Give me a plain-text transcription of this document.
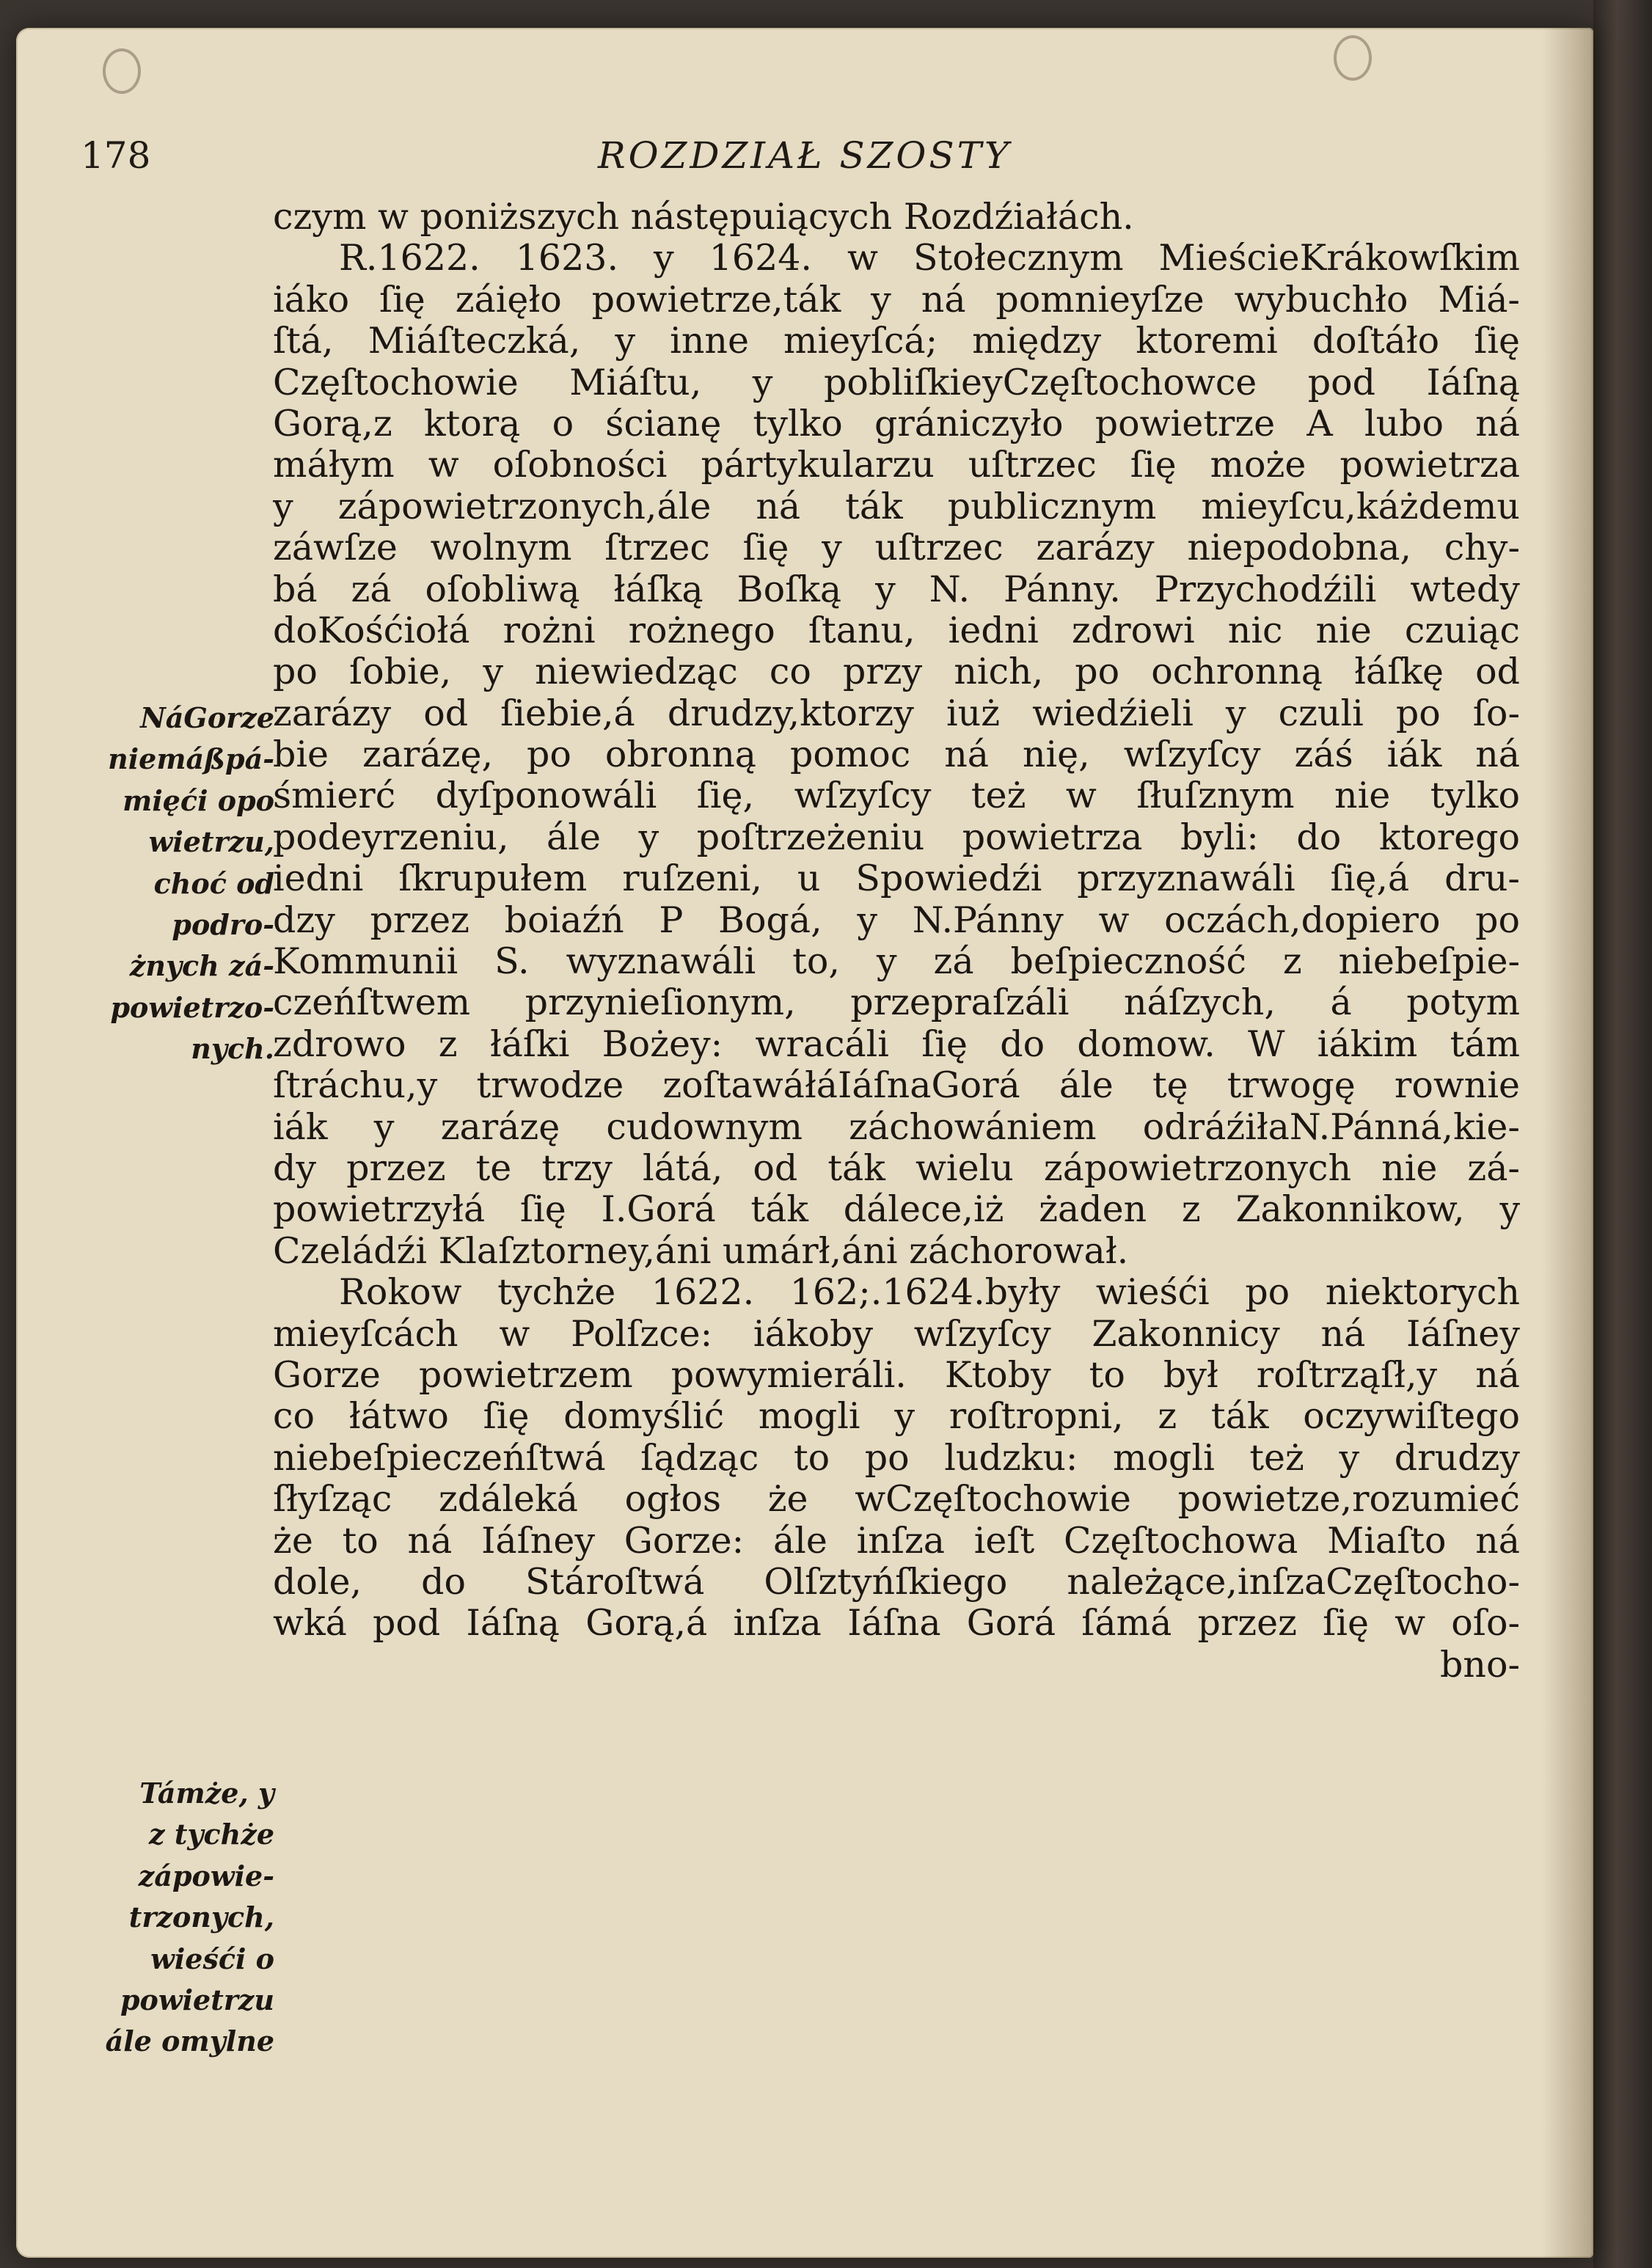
178	ROZDZIAŁ SZOSTY
NáGorze
niemáßpá-
mięći opo
wietrzu,
choć od
podro-
żnych zá-
powietrzo-
nych.
Támże, y
z tychże
zápowie-
trzonych,
wieśći o
powietrzu
ále omylne
czym w poniższych nástępuiących Rozdźiałách.
R.1622. 1623. y 1624. w Stołecznym MieścieKrákowſkim
iáko ſię záięło powietrze,ták y ná pomnieyſze wybuchło Miá-
ſtá, Miáſteczká, y inne mieyſcá; między ktoremi doſtáło ſię
Częſtochowie Miáſtu, y pobliſkieyCzęſtochowce pod Iáſną
Gorą,z ktorą o ścianę tylko grániczyło powietrze A lubo ná
máłym w oſobności pártykularzu uſtrzec ſię może powietrza
y zápowietrzonych,ále ná ták publicznym mieyſcu,káżdemu
záwſze wolnym ſtrzec ſię y uſtrzec zarázy niepodobna, chy-
bá zá oſobliwą łáſką Boſką y N. Pánny. Przychodźili wtedy
doKośćiołá rożni rożnego ſtanu, iedni zdrowi nic nie czuiąc
po ſobie, y niewiedząc co przy nich, po ochronną łáſkę od
zarázy od ſiebie,á drudzy,ktorzy iuż wiedźieli y czuli po ſo-
bie zarázę, po obronną pomoc ná nię, wſzyſcy záś iák ná
śmierć dyſponowáli ſię, wſzyſcy też w ſłuſznym nie tylko
podeyrzeniu, ále y poſtrzeżeniu powietrza byli: do ktorego
iedni ſkrupułem ruſzeni, u Spowiedźi przyznawáli ſię,á dru-
dzy przez boiaźń P Bogá, y N.Pánny w oczách,dopiero po
Kommunii S. wyznawáli to, y zá beſpieczność z niebeſpie-
czeńſtwem przynieſionym, przepraſzáli náſzych, á potym
zdrowo z łáſki Bożey: wracáli ſię do domow. W iákim tám
ſtráchu,y trwodze zoſtawáłáIáſnaGorá ále tę trwogę rownie
iák y zarázę cudownym záchowániem odráźiłaN.Pánná,kie-
dy przez te trzy látá, od ták wielu zápowietrzonych nie zá-
powietrzyłá ſię I.Gorá ták dálece,iż żaden z Zakonnikow, y
Czeládźi Klaſztorney,áni umárł,áni záchorował.
Rokow tychże 1622. 162;.1624.były wieśći po niektorych
mieyſcách w Polſzce: iákoby wſzyſcy Zakonnicy ná Iáſney
Gorze powietrzem powymieráli. Ktoby to był roſtrząſł,y ná
co łátwo ſię domyślić mogli y roſtropni, z ták oczywiſtego
niebeſpieczeńſtwá ſądząc to po ludzku: mogli też y drudzy
ſłyſząc zdáleká ogłos że wCzęſtochowie powietze,rozumieć
że to ná Iáſney Gorze: ále inſza ieſt Częſtochowa Miaſto ná
dole, do Stároſtwá Olſztyńſkiego należące,inſzaCzęſtocho-
wká pod Iáſną Gorą,á inſza Iáſna Gorá ſámá przez ſię w oſo-
bno-
